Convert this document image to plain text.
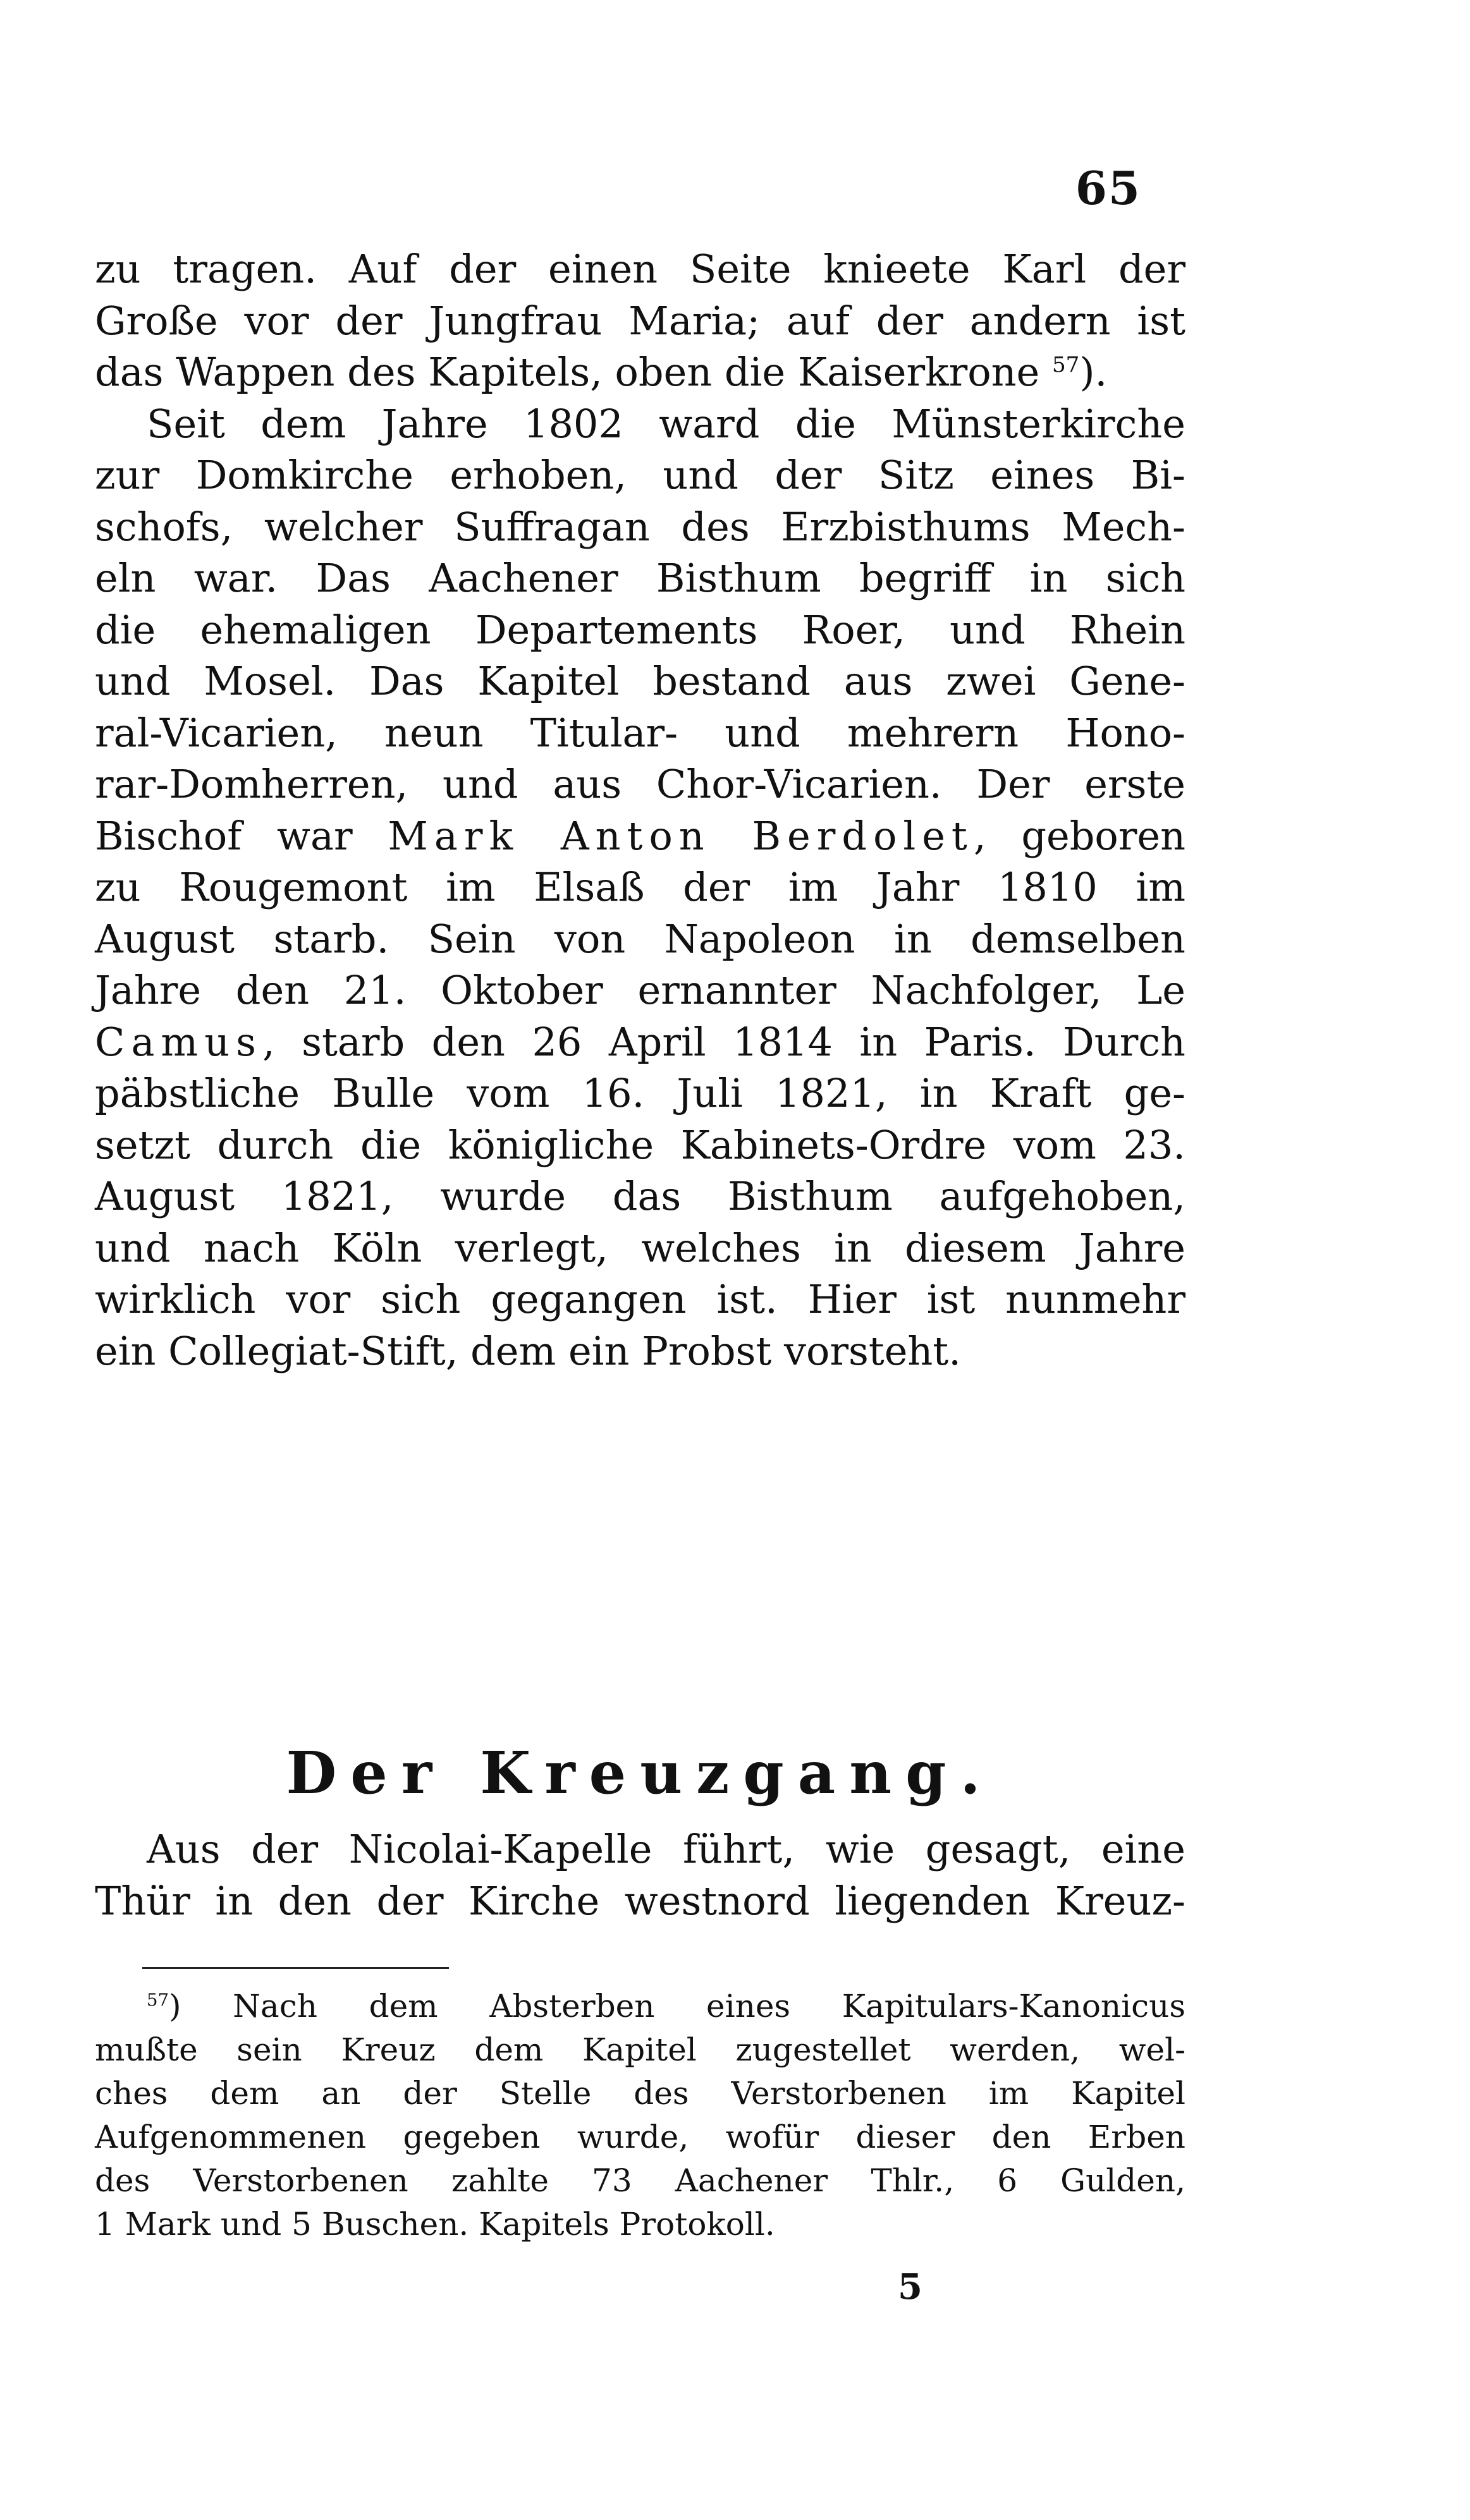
65
zu tragen. Auf der einen Seite knieete Karl der
Große vor der Jungfrau Maria; auf der andern ist
das Wappen des Kapitels, oben die Kaiserkrone $^{57}$).
Seit dem Jahre 1802 ward die Münsterkirche
zur Domkirche erhoben, und der Sitz eines Bi-
schofs, welcher Suffragan des Erzbisthums Mech-
eln war. Das Aachener Bisthum begriff in sich
die ehemaligen Departements Roer, und Rhein
und Mosel. Das Kapitel bestand aus zwei Gene-
ral-Vicarien, neun Titular- und mehrern Hono-
rar-Domherren, und aus Chor-Vicarien. Der erste
Bischof war Mark Anton Berdolet, geboren
zu Rougemont im Elsaß der im Jahr 1810 im
August starb. Sein von Napoleon in demselben
Jahre den 21. Oktober ernannter Nachfolger, Le
Camus, starb den 26 April 1814 in Paris. Durch
päbstliche Bulle vom 16. Juli 1821, in Kraft ge-
setzt durch die königliche Kabinets-Ordre vom 23.
August 1821, wurde das Bisthum aufgehoben,
und nach Köln verlegt, welches in diesem Jahre
wirklich vor sich gegangen ist. Hier ist nunmehr
ein Collegiat-Stift, dem ein Probst vorsteht.
Der Kreuzgang.
Aus der Nicolai-Kapelle führt, wie gesagt, eine
Thür in den der Kirche westnord liegenden Kreuz-
$^{57}$) Nach dem Absterben eines Kapitulars-Kanonicus
mußte sein Kreuz dem Kapitel zugestellet werden, wel-
ches dem an der Stelle des Verstorbenen im Kapitel
Aufgenommenen gegeben wurde, wofür dieser den Erben
des Verstorbenen zahlte 73 Aachener Thlr., 6 Gulden,
1 Mark und 5 Buschen. Kapitels Protokoll.
5
